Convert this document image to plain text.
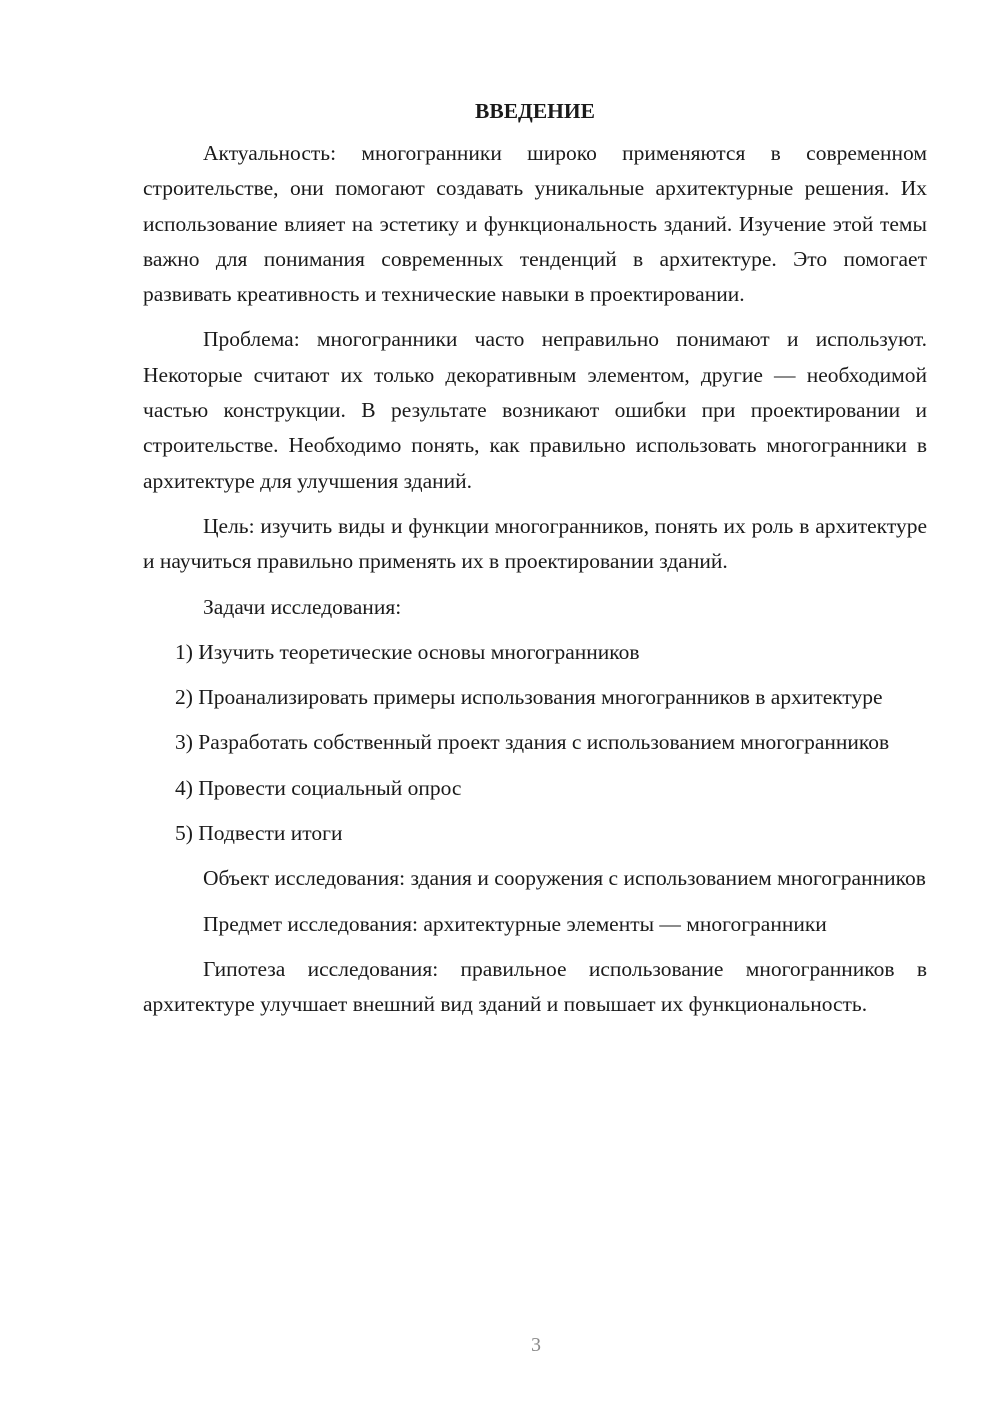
ВВЕДЕНИЕ

Актуальность: многогранники широко применяются в современном строительстве, они помогают создавать уникальные архитектурные решения. Их использование влияет на эстетику и функциональность зданий. Изучение этой темы важно для понимания современных тенденций в архитектуре. Это помогает развивать креативность и технические навыки в проектировании.

Проблема: многогранники часто неправильно понимают и используют. Некоторые считают их только декоративным элементом, другие — необходимой частью конструкции. В результате возникают ошибки при проектировании и строительстве. Необходимо понять, как правильно использовать многогранники в архитектуре для улучшения зданий.

Цель: изучить виды и функции многогранников, понять их роль в архитектуре и научиться правильно применять их в проектировании зданий.

Задачи исследования:

1) Изучить теоретические основы многогранников

2) Проанализировать примеры использования многогранников в архитектуре

3) Разработать собственный проект здания с использованием многогранников

4) Провести социальный опрос

5) Подвести итоги

Объект исследования: здания и сооружения с использованием многогранников

Предмет исследования: архитектурные элементы — многогранники

Гипотеза исследования: правильное использование многогранников в архитектуре улучшает внешний вид зданий и повышает их функциональность.

3
